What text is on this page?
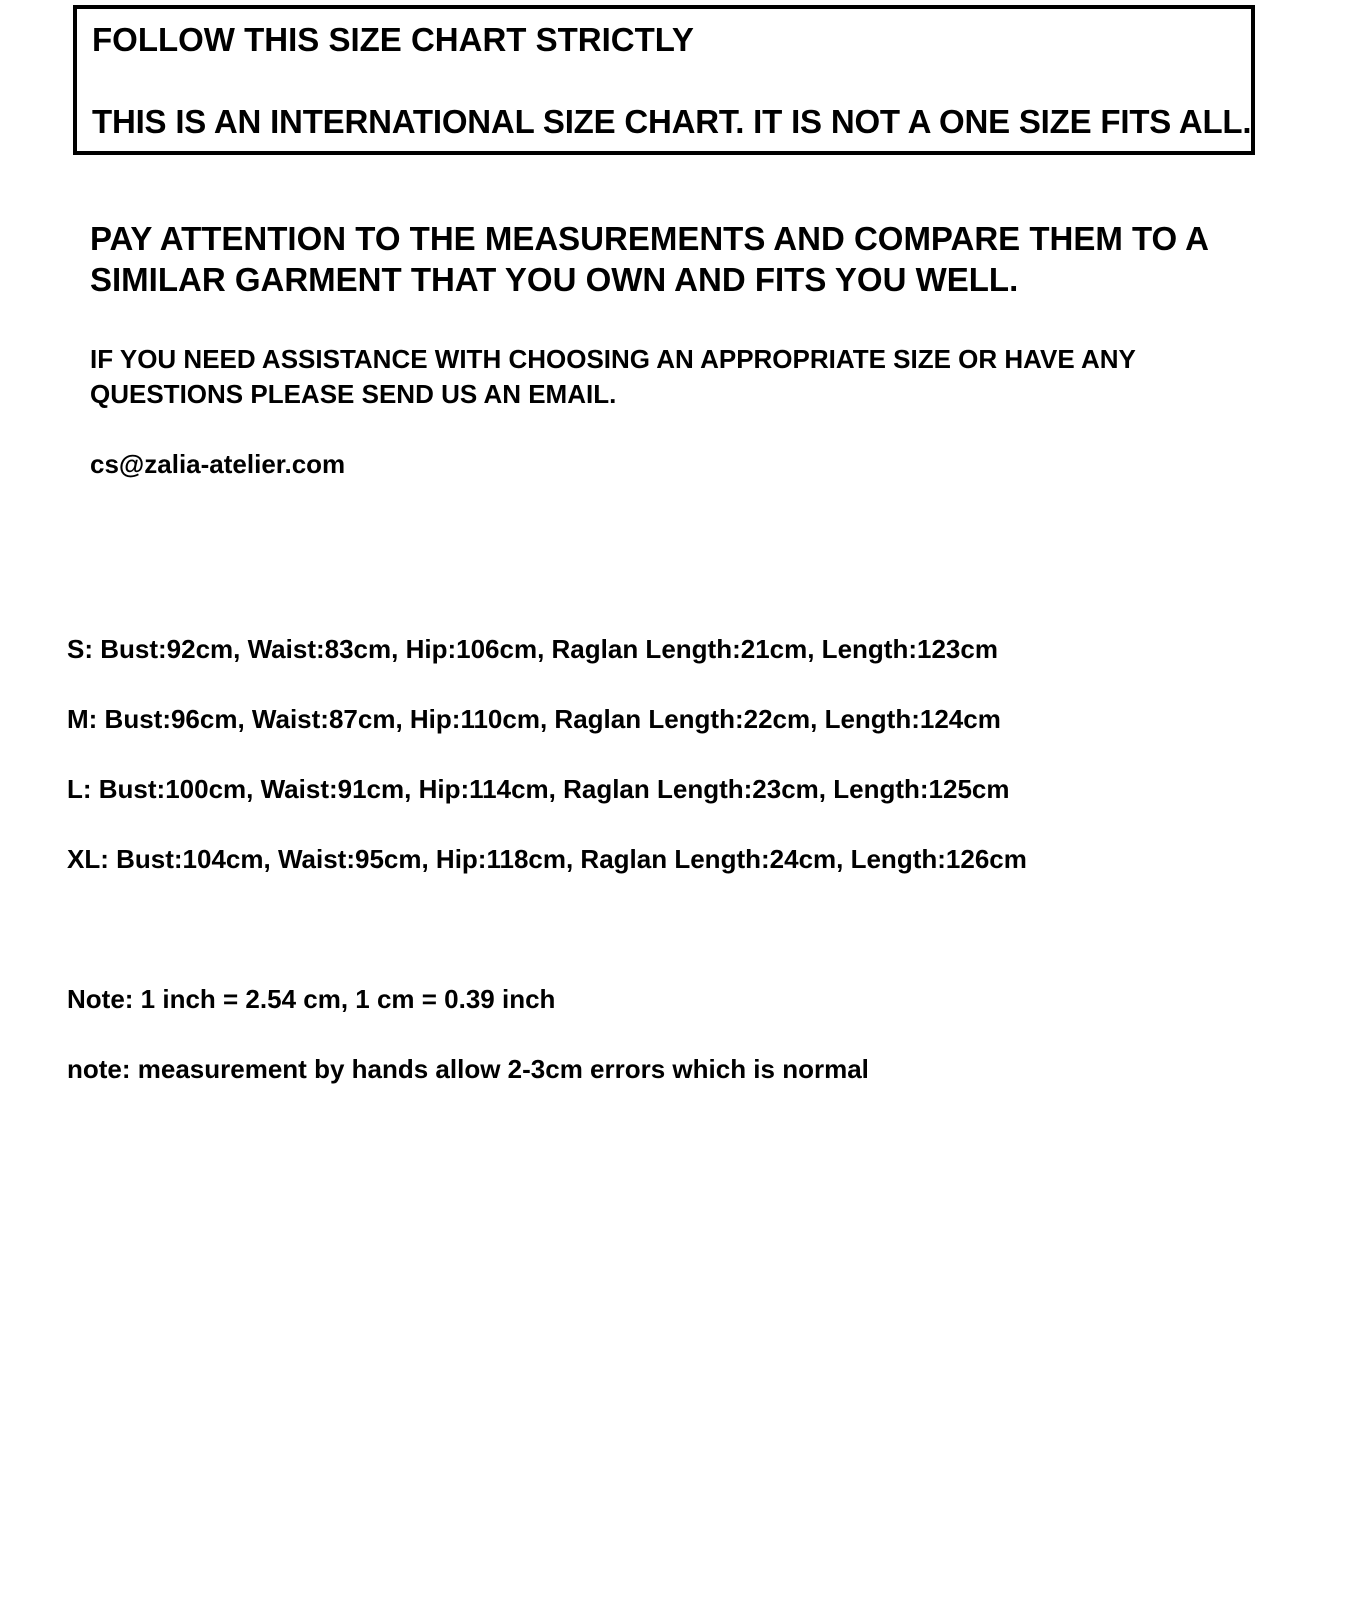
FOLLOW THIS SIZE CHART STRICTLY
THIS IS AN INTERNATIONAL SIZE CHART. IT IS NOT A ONE SIZE FITS ALL.
PAY ATTENTION TO THE MEASUREMENTS AND COMPARE THEM TO A
SIMILAR GARMENT THAT YOU OWN AND FITS YOU WELL.
IF YOU NEED ASSISTANCE WITH CHOOSING AN APPROPRIATE SIZE OR HAVE ANY
QUESTIONS PLEASE SEND US AN EMAIL.
cs@zalia-atelier.com
S: Bust:92cm, Waist:83cm, Hip:106cm, Raglan Length:21cm, Length:123cm
M: Bust:96cm, Waist:87cm, Hip:110cm, Raglan Length:22cm, Length:124cm
L: Bust:100cm, Waist:91cm, Hip:114cm, Raglan Length:23cm, Length:125cm
XL: Bust:104cm, Waist:95cm, Hip:118cm, Raglan Length:24cm, Length:126cm
Note: 1 inch = 2.54 cm, 1 cm = 0.39 inch
note: measurement by hands allow 2-3cm errors which is normal
